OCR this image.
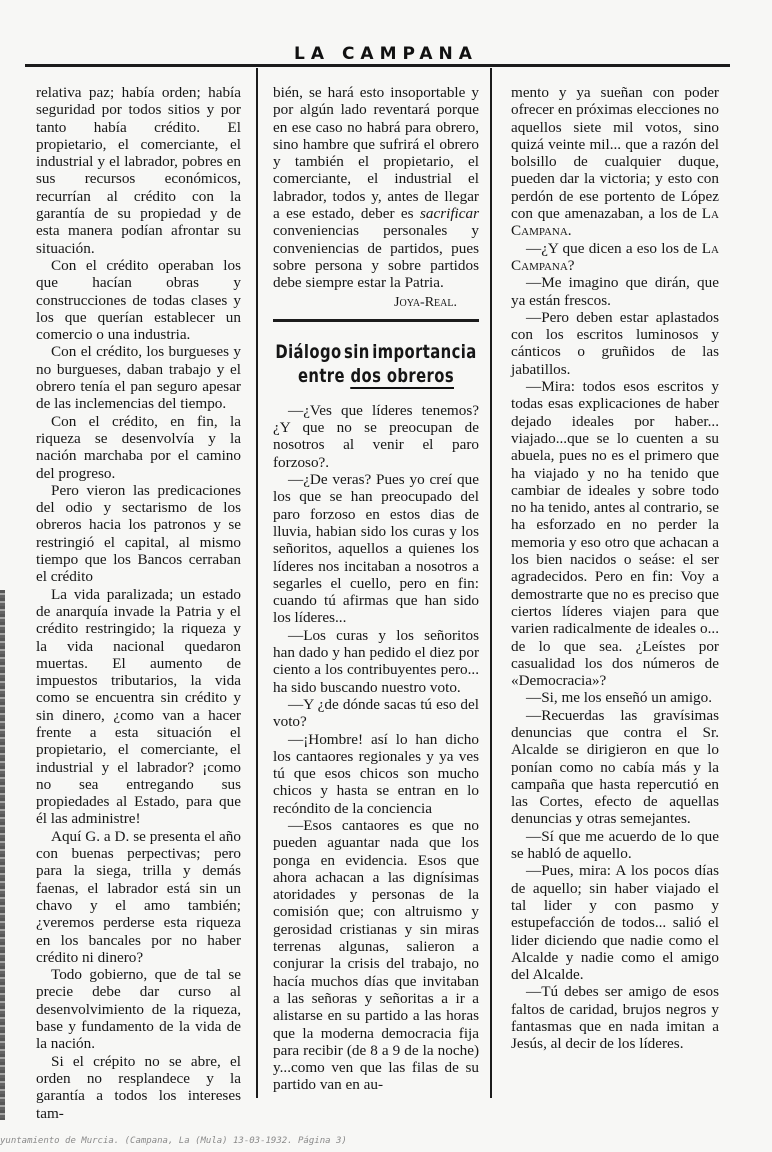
LA CAMPANA

relativa paz; había orden; había seguridad por todos sitios y por tanto había crédito. El propietario, el comerciante, el industrial y el labrador, pobres en sus recursos económicos, recurrían al crédito con la garantía de su propiedad y de esta manera podían afrontar su situación.

Con el crédito operaban los que hacían obras y construcciones de todas clases y los que querían establecer un comercio o una industria.

Con el crédito, los burgueses y no burgueses, daban trabajo y el obrero tenía el pan seguro apesar de las inclemencias del tiempo.

Con el crédito, en fin, la riqueza se desenvolvía y la nación marchaba por el camino del progreso.

Pero vieron las predicaciones del odio y sectarismo de los obreros hacia los patronos y se restringió el capital, al mismo tiempo que los Bancos cerraban el crédito

La vida paralizada; un estado de anarquía invade la Patria y el crédito restringido; la riqueza y la vida nacional quedaron muertas. El aumento de impuestos tributarios, la vida como se encuentra sin crédito y sin dinero, ¿como van a hacer frente a esta situación el propietario, el comerciante, el industrial y el labrador? ¡como no sea entregando sus propiedades al Estado, para que él las administre!

Aquí G. a D. se presenta el año con buenas perpectivas; pero para la siega, trilla y demás faenas, el labrador está sin un chavo y el amo también; ¿veremos perderse esta riqueza en los bancales por no haber crédito ni dinero?

Todo gobierno, que de tal se precie debe dar curso al desenvolvimiento de la riqueza, base y fundamento de la vida de la nación.

Si el crépito no se abre, el orden no resplandece y la garantía a todos los intereses tam-

bién, se hará esto insoportable y por algún lado reventará porque en ese caso no habrá para obrero, sino hambre que sufrirá el obrero y también el propietario, el comerciante, el industrial el labrador, todos y, antes de llegar a ese estado, deber es sacrificar conveniencias personales y conveniencias de partidos, pues sobre persona y sobre partidos debe siempre estar la Patria.

Joya-Real.
Diálogo sin importancia
entre dos obreros

—¿Ves que líderes tenemos? ¿Y que no se preocupan de nosotros al venir el paro forzoso?.

—¿De veras? Pues yo creí que los que se han preocupado del paro forzoso en estos dias de lluvia, habian sido los curas y los señoritos, aquellos a quienes los líderes nos incitaban a nosotros a segarles el cuello, pero en fin: cuando tú afirmas que han sido los líderes...

—Los curas y los señoritos han dado y han pedido el diez por ciento a los contribuyentes pero... ha sido buscando nuestro voto.

—Y ¿de dónde sacas tú eso del voto?

—¡Hombre! así lo han dicho los cantaores regionales y ya ves tú que esos chicos son mucho chicos y hasta se entran en lo recóndito de la conciencia

—Esos cantaores es que no pueden aguantar nada que los ponga en evidencia. Esos que ahora achacan a las dignísimas atoridades y personas de la comisión que; con altruismo y gerosidad cristianas y sin miras terrenas algunas, salieron a conjurar la crisis del trabajo, no hacía muchos días que invitaban a las señoras y señoritas a ir a alistarse en su partido a las horas que la moderna democracia fija para recibir (de 8 a 9 de la noche) y...como ven que las filas de su partido van en au-

mento y ya sueñan con poder ofrecer en próximas elecciones no aquellos siete mil votos, sino quizá veinte mil... que a razón del bolsillo de cualquier duque, pueden dar la victoria; y esto con perdón de ese portento de López con que amenazaban, a los de La Campana.

—¿Y que dicen a eso los de La Campana?

—Me imagino que dirán, que ya están frescos.

—Pero deben estar aplastados con los escritos luminosos y cánticos o gruñidos de las jabatillos.

—Mira: todos esos escritos y todas esas explicaciones de haber dejado ideales por haber... viajado...que se lo cuenten a su abuela, pues no es el primero que ha viajado y no ha tenido que cambiar de ideales y sobre todo no ha tenido, antes al contrario, se ha esforzado en no perder la memoria y eso otro que achacan a los bien nacidos o seáse: el ser agradecidos. Pero en fin: Voy a demostrarte que no es preciso que ciertos líderes viajen para que varien radicalmente de ideales o... de lo que sea. ¿Leístes por casualidad los dos números de «Democracia»?

—Si, me los enseñó un amigo.

—Recuerdas las gravísimas denuncias que contra el Sr. Alcalde se dirigieron en que lo ponían como no cabía más y la campaña que hasta repercutió en las Cortes, efecto de aquellas denuncias y otras semejantes.

—Sí que me acuerdo de lo que se habló de aquello.

—Pues, mira: A los pocos días de aquello; sin haber viajado el tal lider y con pasmo y estupefacción de todos... salió el lider diciendo que nadie como el Alcalde y nadie como el amigo del Alcalde.

—Tú debes ser amigo de esos faltos de caridad, brujos negros y fantasmas que en nada imitan a Jesús, al decir de los líderes.

yuntamiento de Murcia. (Campana, La (Mula) 13-03-1932. Página 3)
